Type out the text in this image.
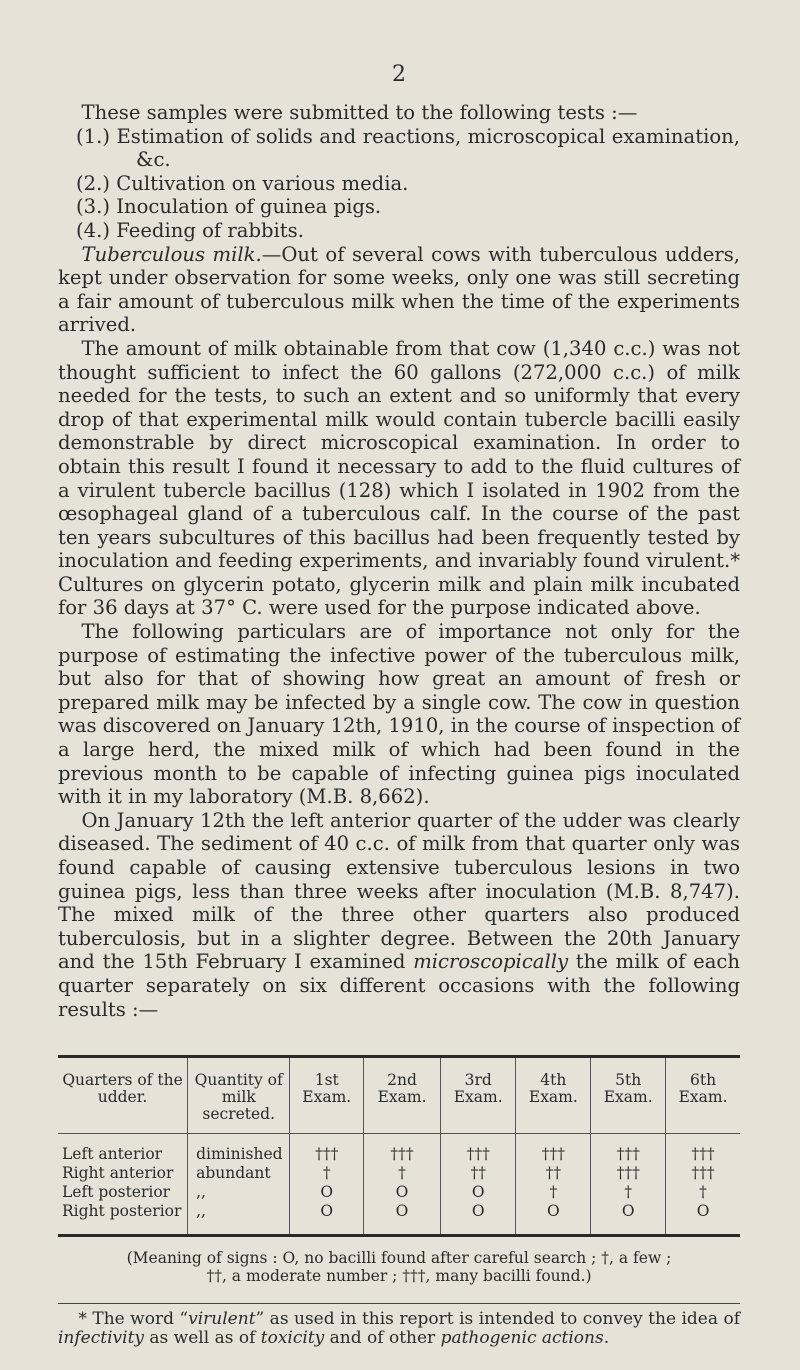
2

These samples were submitted to the following tests :—

(1.) Estimation of solids and reactions, microscopical examination, &c.
(2.) Cultivation on various media.
(3.) Inoculation of guinea pigs.
(4.) Feeding of rabbits.

Tuberculous milk.—Out of several cows with tuberculous udders, kept under observation for some weeks, only one was still secreting a fair amount of tuberculous milk when the time of the experiments arrived.

The amount of milk obtainable from that cow (1,340 c.c.) was not thought sufficient to infect the 60 gallons (272,000 c.c.) of milk needed for the tests, to such an extent and so uniformly that every drop of that experimental milk would contain tubercle bacilli easily demonstrable by direct microscopical examination. In order to obtain this result I found it necessary to add to the fluid cultures of a virulent tubercle bacillus (128) which I isolated in 1902 from the œsophageal gland of a tuberculous calf. In the course of the past ten years subcultures of this bacillus had been frequently tested by inoculation and feeding experiments, and invariably found virulent.* Cultures on glycerin potato, glycerin milk and plain milk incubated for 36 days at 37° C. were used for the purpose indicated above.

The following particulars are of importance not only for the purpose of estimating the infective power of the tuberculous milk, but also for that of showing how great an amount of fresh or prepared milk may be infected by a single cow. The cow in question was discovered on January 12th, 1910, in the course of inspection of a large herd, the mixed milk of which had been found in the previous month to be capable of infecting guinea pigs inoculated with it in my laboratory (M.B. 8,662).

On January 12th the left anterior quarter of the udder was clearly diseased. The sediment of 40 c.c. of milk from that quarter only was found capable of causing extensive tuberculous lesions in two guinea pigs, less than three weeks after inoculation (M.B. 8,747). The mixed milk of the three other quarters also produced tuberculosis, but in a slighter degree. Between the 20th January and the 15th February I examined microscopically the milk of each quarter separately on six different occasions with the following results :—

Quarters of the udder.	Quantity of milk secreted.	1st Exam.	2nd Exam.	3rd Exam.	4th Exam.	5th Exam.	6th Exam.
Left anterior	diminished	†††	†††	†††	†††	†††	†††
Right anterior	abundant	†	†	††	††	†††	†††
Left posterior	,,	O	O	O	†	†	†
Right posterior	,,	O	O	O	O	O	O
(Meaning of signs : O, no bacilli found after careful search ; †, a few ;
††, a moderate number ; †††, many bacilli found.)

* The word “virulent” as used in this report is intended to convey the idea of infectivity as well as of toxicity and of other pathogenic actions.
